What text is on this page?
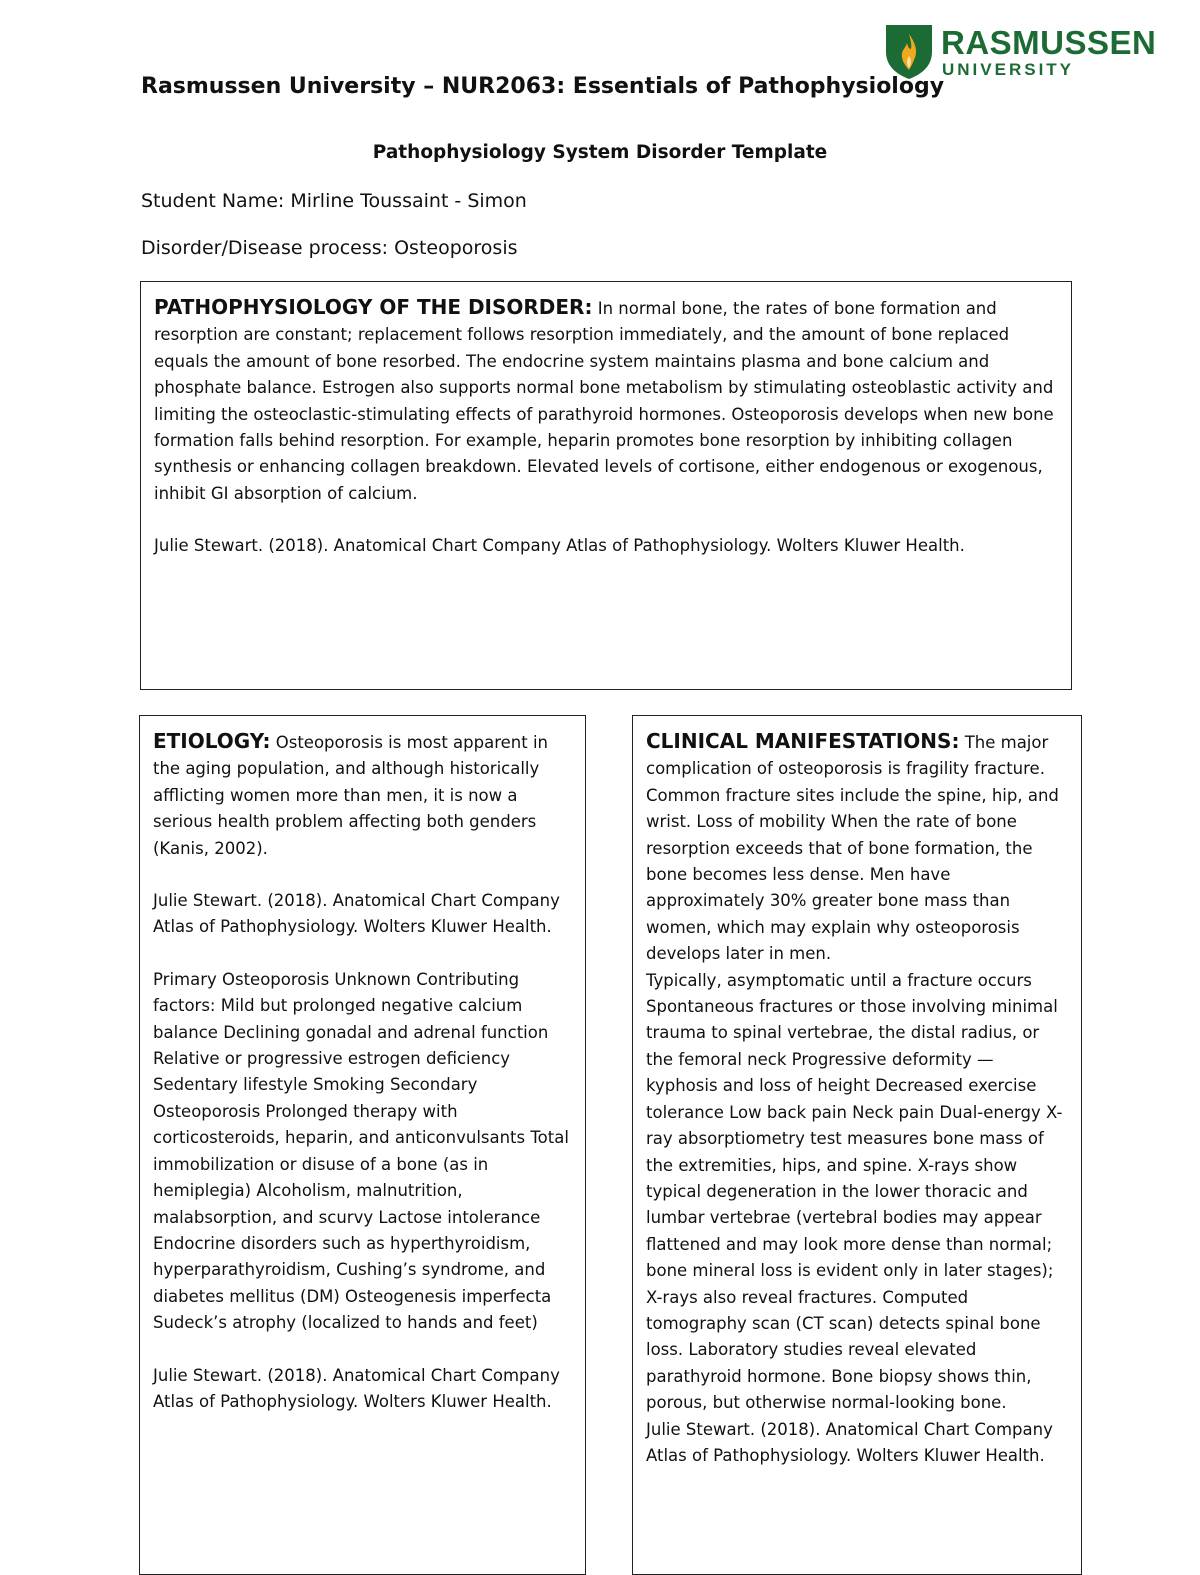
RASMUSSEN
UNIVERSITY
Rasmussen University – NUR2063: Essentials of Pathophysiology
Pathophysiology System Disorder Template
Student Name: Mirline Toussaint - Simon
Disorder/Disease process: Osteoporosis

PATHOPHYSIOLOGY OF THE DISORDER: In normal bone, the rates of bone formation and resorption are constant; replacement follows resorption immediately, and the amount of bone replaced equals the amount of bone resorbed. The endocrine system maintains plasma and bone calcium and phosphate balance. Estrogen also supports normal bone metabolism by stimulating osteoblastic activity and limiting the osteoclastic-stimulating effects of parathyroid hormones. Osteoporosis develops when new bone formation falls behind resorption. For example, heparin promotes bone resorption by inhibiting collagen synthesis or enhancing collagen breakdown. Elevated levels of cortisone, either endogenous or exogenous, inhibit GI absorption of calcium.

Julie Stewart. (2018). Anatomical Chart Company Atlas of Pathophysiology. Wolters Kluwer Health.

ETIOLOGY: Osteoporosis is most apparent in the aging population, and although historically afflicting women more than men, it is now a serious health problem affecting both genders (Kanis, 2002).

Julie Stewart. (2018). Anatomical Chart Company Atlas of Pathophysiology. Wolters Kluwer Health.

Primary Osteoporosis Unknown Contributing factors: Mild but prolonged negative calcium balance Declining gonadal and adrenal function Relative or progressive estrogen deficiency Sedentary lifestyle Smoking Secondary Osteoporosis Prolonged therapy with corticosteroids, heparin, and anticonvulsants Total immobilization or disuse of a bone (as in hemiplegia) Alcoholism, malnutrition, malabsorption, and scurvy Lactose intolerance Endocrine disorders such as hyperthyroidism, hyperparathyroidism, Cushing’s syndrome, and diabetes mellitus (DM) Osteogenesis imperfecta Sudeck’s atrophy (localized to hands and feet)

Julie Stewart. (2018). Anatomical Chart Company Atlas of Pathophysiology. Wolters Kluwer Health.

CLINICAL MANIFESTATIONS: The major complication of osteoporosis is fragility fracture. Common fracture sites include the spine, hip, and wrist. Loss of mobility When the rate of bone resorption exceeds that of bone formation, the bone becomes less dense. Men have approximately 30% greater bone mass than women, which may explain why osteoporosis develops later in men.

Typically, asymptomatic until a fracture occurs Spontaneous fractures or those involving minimal trauma to spinal vertebrae, the distal radius, or the femoral neck Progressive deformity — kyphosis and loss of height Decreased exercise tolerance Low back pain Neck pain Dual-energy X-ray absorptiometry test measures bone mass of the extremities, hips, and spine. X-rays show typical degeneration in the lower thoracic and lumbar vertebrae (vertebral bodies may appear flattened and may look more dense than normal; bone mineral loss is evident only in later stages); X-rays also reveal fractures. Computed tomography scan (CT scan) detects spinal bone loss. Laboratory studies reveal elevated parathyroid hormone. Bone biopsy shows thin, porous, but otherwise normal-looking bone.

Julie Stewart. (2018). Anatomical Chart Company Atlas of Pathophysiology. Wolters Kluwer Health.
